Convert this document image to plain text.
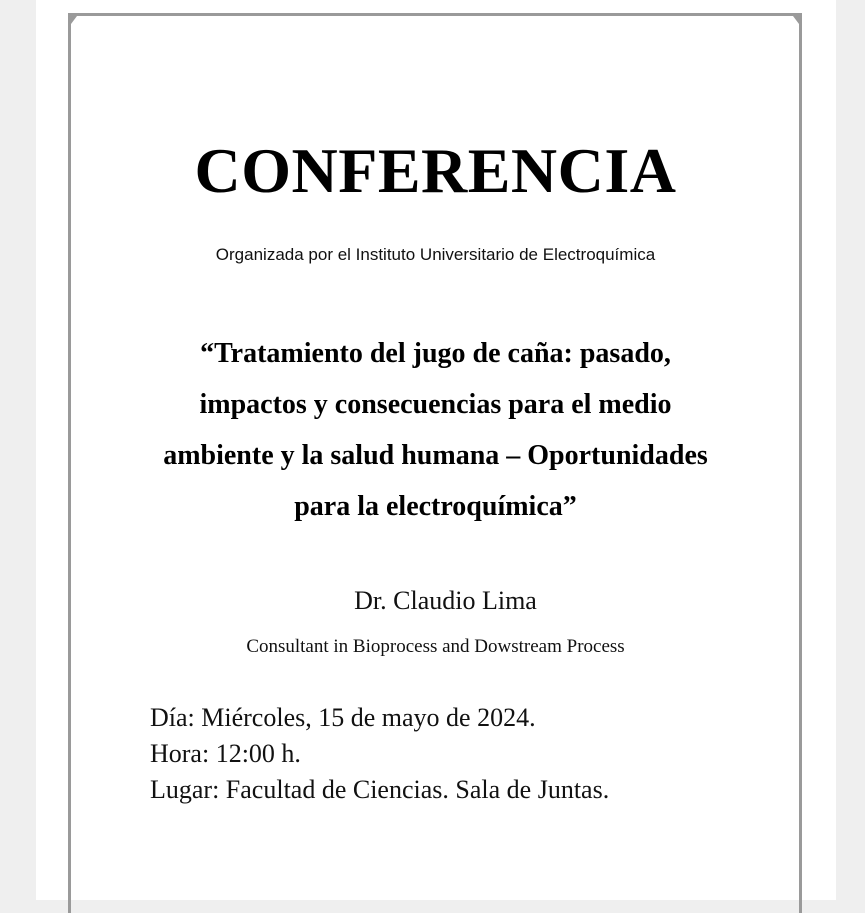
CONFERENCIA
Organizada por el Instituto Universitario de Electroquímica
“Tratamiento del jugo de caña: pasado, impactos y consecuencias para el medio ambiente y la salud humana – Oportunidades para la electroquímica”
Dr. Claudio Lima
Consultant in Bioprocess and Dowstream Process
Día: Miércoles, 15 de mayo de 2024.
Hora: 12:00 h.
Lugar: Facultad de Ciencias. Sala de Juntas.
